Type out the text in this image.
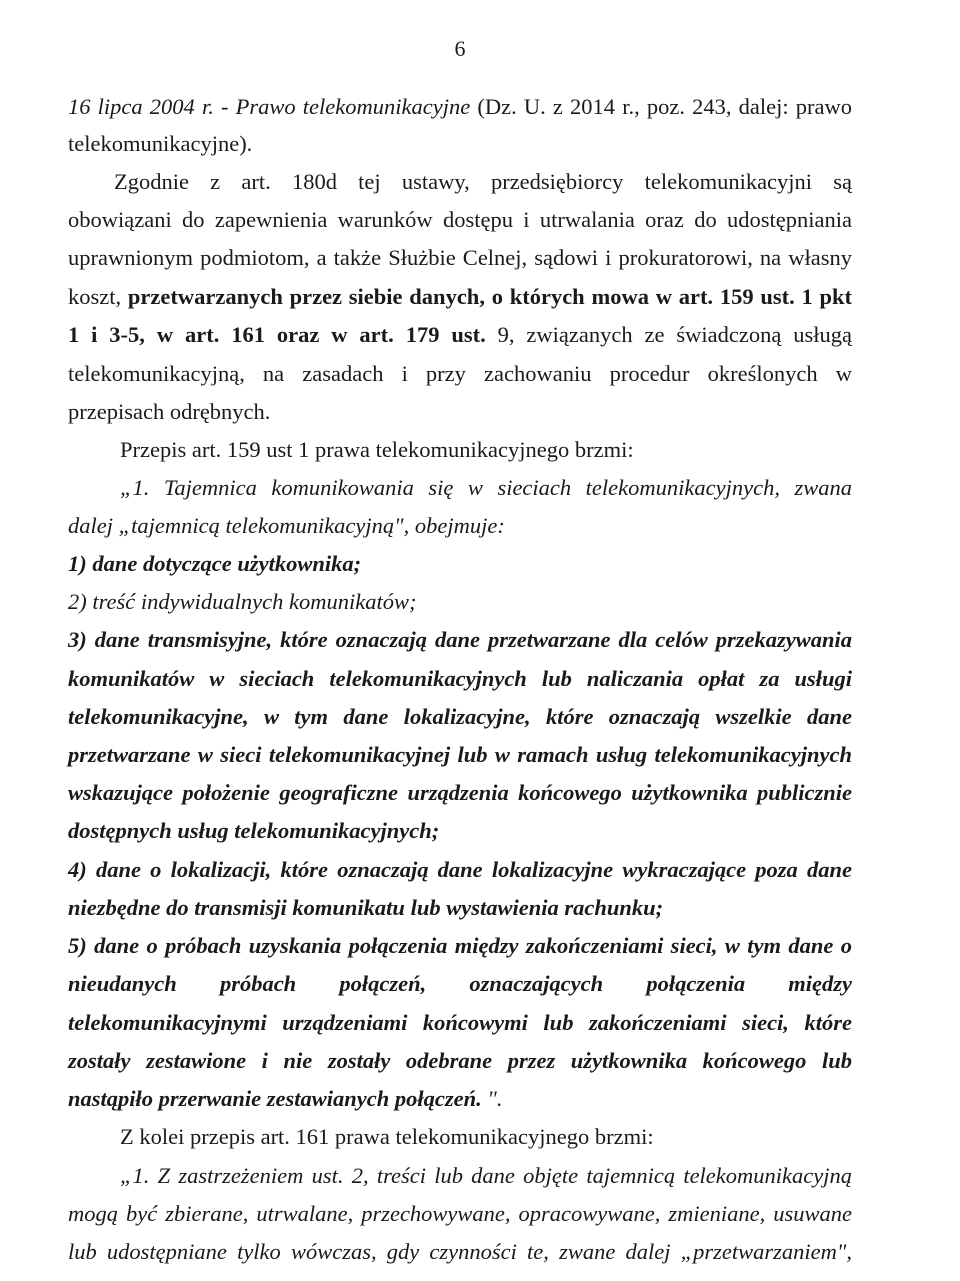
6
16 lipca 2004 r. - Prawo telekomunikacyjne (Dz. U. z 2014 r., poz. 243, dalej: prawo
telekomunikacyjne).
Zgodnie z art. 180d tej ustawy, przedsiębiorcy telekomunikacyjni są
obowiązani do zapewnienia warunków dostępu i utrwalania oraz do udostępniania
uprawnionym podmiotom, a także Służbie Celnej, sądowi i prokuratorowi, na własny
koszt, przetwarzanych przez siebie danych, o których mowa w art. 159 ust. 1 pkt
1 i 3-5, w art. 161 oraz w art. 179 ust. 9, związanych ze świadczoną usługą
telekomunikacyjną, na zasadach i przy zachowaniu procedur określonych w
przepisach odrębnych.
Przepis art. 159 ust 1 prawa telekomunikacyjnego brzmi:
„1. Tajemnica komunikowania się w sieciach telekomunikacyjnych, zwana
dalej „tajemnicą telekomunikacyjną", obejmuje:
1) dane dotyczące użytkownika;
2) treść indywidualnych komunikatów;
3) dane transmisyjne, które oznaczają dane przetwarzane dla celów przekazywania
komunikatów w sieciach telekomunikacyjnych lub naliczania opłat za usługi
telekomunikacyjne, w tym dane lokalizacyjne, które oznaczają wszelkie dane
przetwarzane w sieci telekomunikacyjnej lub w ramach usług telekomunikacyjnych
wskazujące położenie geograficzne urządzenia końcowego użytkownika publicznie
dostępnych usług telekomunikacyjnych;
4) dane o lokalizacji, które oznaczają dane lokalizacyjne wykraczające poza dane
niezbędne do transmisji komunikatu lub wystawienia rachunku;
5) dane o próbach uzyskania połączenia między zakończeniami sieci, w tym dane o
nieudanych próbach połączeń, oznaczających połączenia między
telekomunikacyjnymi urządzeniami końcowymi lub zakończeniami sieci, które
zostały zestawione i nie zostały odebrane przez użytkownika końcowego lub
nastąpiło przerwanie zestawianych połączeń. ".
Z kolei przepis art. 161 prawa telekomunikacyjnego brzmi:
„1. Z zastrzeżeniem ust. 2, treści lub dane objęte tajemnicą telekomunikacyjną
mogą być zbierane, utrwalane, przechowywane, opracowywane, zmieniane, usuwane
lub udostępniane tylko wówczas, gdy czynności te, zwane dalej „przetwarzaniem",
